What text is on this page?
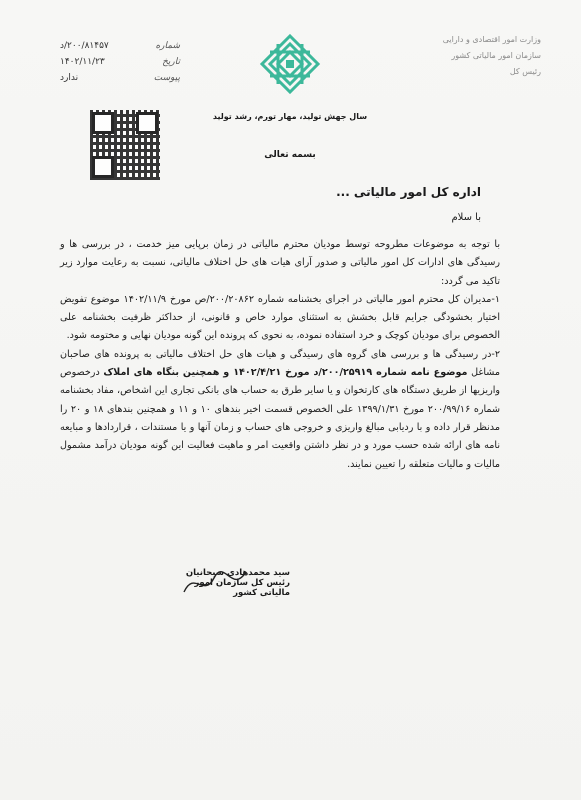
شماره
۲۰۰/۸۱۴۵۷/د
تاریخ
۱۴۰۲/۱۱/۲۳
پیوست
ندارد
سال جهش تولید، مهار تورم، رشد تولید
بسمه تعالی
وزارت امور اقتصادی و دارایی
سازمان امور مالیاتی کشور
رئیس کل
اداره کل امور مالیاتی ...
با سلام

با توجه به موضوعات مطروحه توسط مودیان محترم مالیاتی در زمان برپایی میز خدمت ، در بررسی ها و رسیدگی های ادارات کل امور مالیاتی و صدور آرای هیات های حل اختلاف مالیاتی، نسبت به رعایت موارد زیر تاکید می گردد:

۱-مدیران کل محترم امور مالیاتی در اجرای بخشنامه شماره ۲۰۰/۲۰۸۶۲/ص مورخ ۱۴۰۲/۱۱/۹ موضوع تفویض اختیار بخشودگی جرایم قابل بخشش به استثنای موارد خاص و قانونی، از حداکثر ظرفیت بخشنامه علی الخصوص برای مودیان کوچک و خرد استفاده نموده، به نحوی که پرونده این گونه مودیان نهایی و مختومه شود.

۲-در رسیدگی ها و بررسی های گروه های رسیدگی و هیات های حل اختلاف مالیاتی به پرونده های صاحبان مشاغل موضوع نامه شماره ۲۰۰/۲۵۹۱۹/د مورخ ۱۴۰۲/۴/۲۱ و همچنین بنگاه های املاک درخصوص واریزیها از طریق دستگاه های کارتخوان و یا سایر طرق به حساب های بانکی تجاری این اشخاص، مفاد بخشنامه شماره ۲۰۰/۹۹/۱۶ مورخ ۱۳۹۹/۱/۳۱ علی الخصوص قسمت اخیر بندهای ۱۰ و ۱۱ و همچنین بندهای ۱۸ و ۲۰ را مدنظر قرار داده و با ردیابی مبالغ واریزی و خروجی های حساب و زمان آنها و یا مستندات ، قراردادها و مبایعه نامه های ارائه شده حسب مورد و در نظر داشتن واقعیت امر و ماهیت فعالیت این گونه مودیان درآمد مشمول مالیات و مالیات متعلقه را تعیین نمایند.

سید محمدهادی سبحانیان
رئیس کل سازمان امور مالیاتی کشور
